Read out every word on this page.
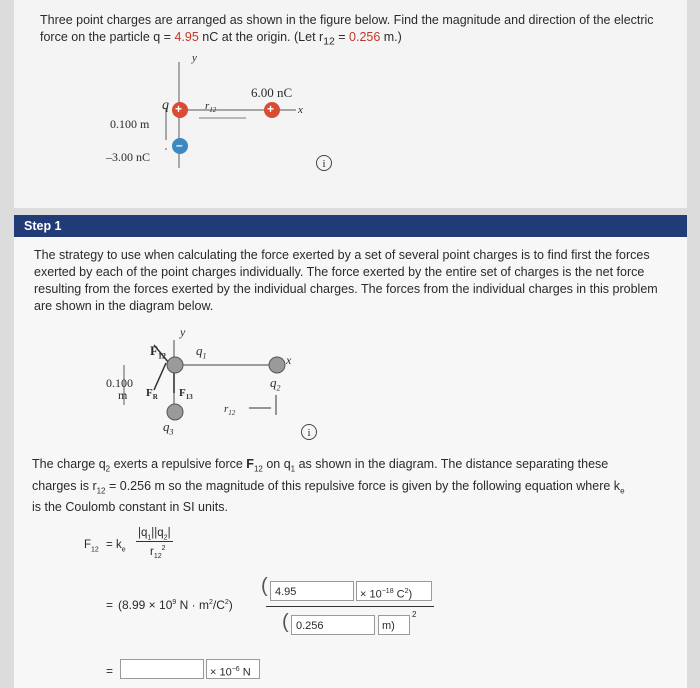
Three point charges are arranged as shown in the figure below. Find the magnitude and direction of the electric force on the particle q = 4.95 nC at the origin. (Let $r_{12} = 0.256$ m.)
y
x
q	$r_{12}$
6.00 nC
0.100 m
–3.00 nC
+	+
–
i
Step 1
The strategy to use when calculating the force exerted by a set of several point charges is to find first the forces exerted by each of the point charges individually. The force exerted by the entire set of charges is the net force resulting from the forces exerted by the individual charges. The forces from the individual charges in this problem are shown in the diagram below.
y
x
$F_{12}$ $q_1$
$q_2$
$q_3$
0.100
m $F_R$ $F_{13}$
$r_{12}$
i
The charge $q_2$ exerts a repulsive force $F_{12}$ on $q_1$ as shown in the diagram. The distance separating these
charges is $r_{12} = 0.256$ m so the magnitude of this repulsive force is given by the following equation where $k_e$
is the Coulomb constant in SI units.
$F_{12} = k_e$
$|q_1||q_2|$
$r_{12}^2$
= ($8.99 \times 10^9$ $N \cdot m^2/C^2$)
( 4.95	× $10^{-18}$ $C^2$)
( 0.256	m)
2
=	× $10^{-6}$ N
